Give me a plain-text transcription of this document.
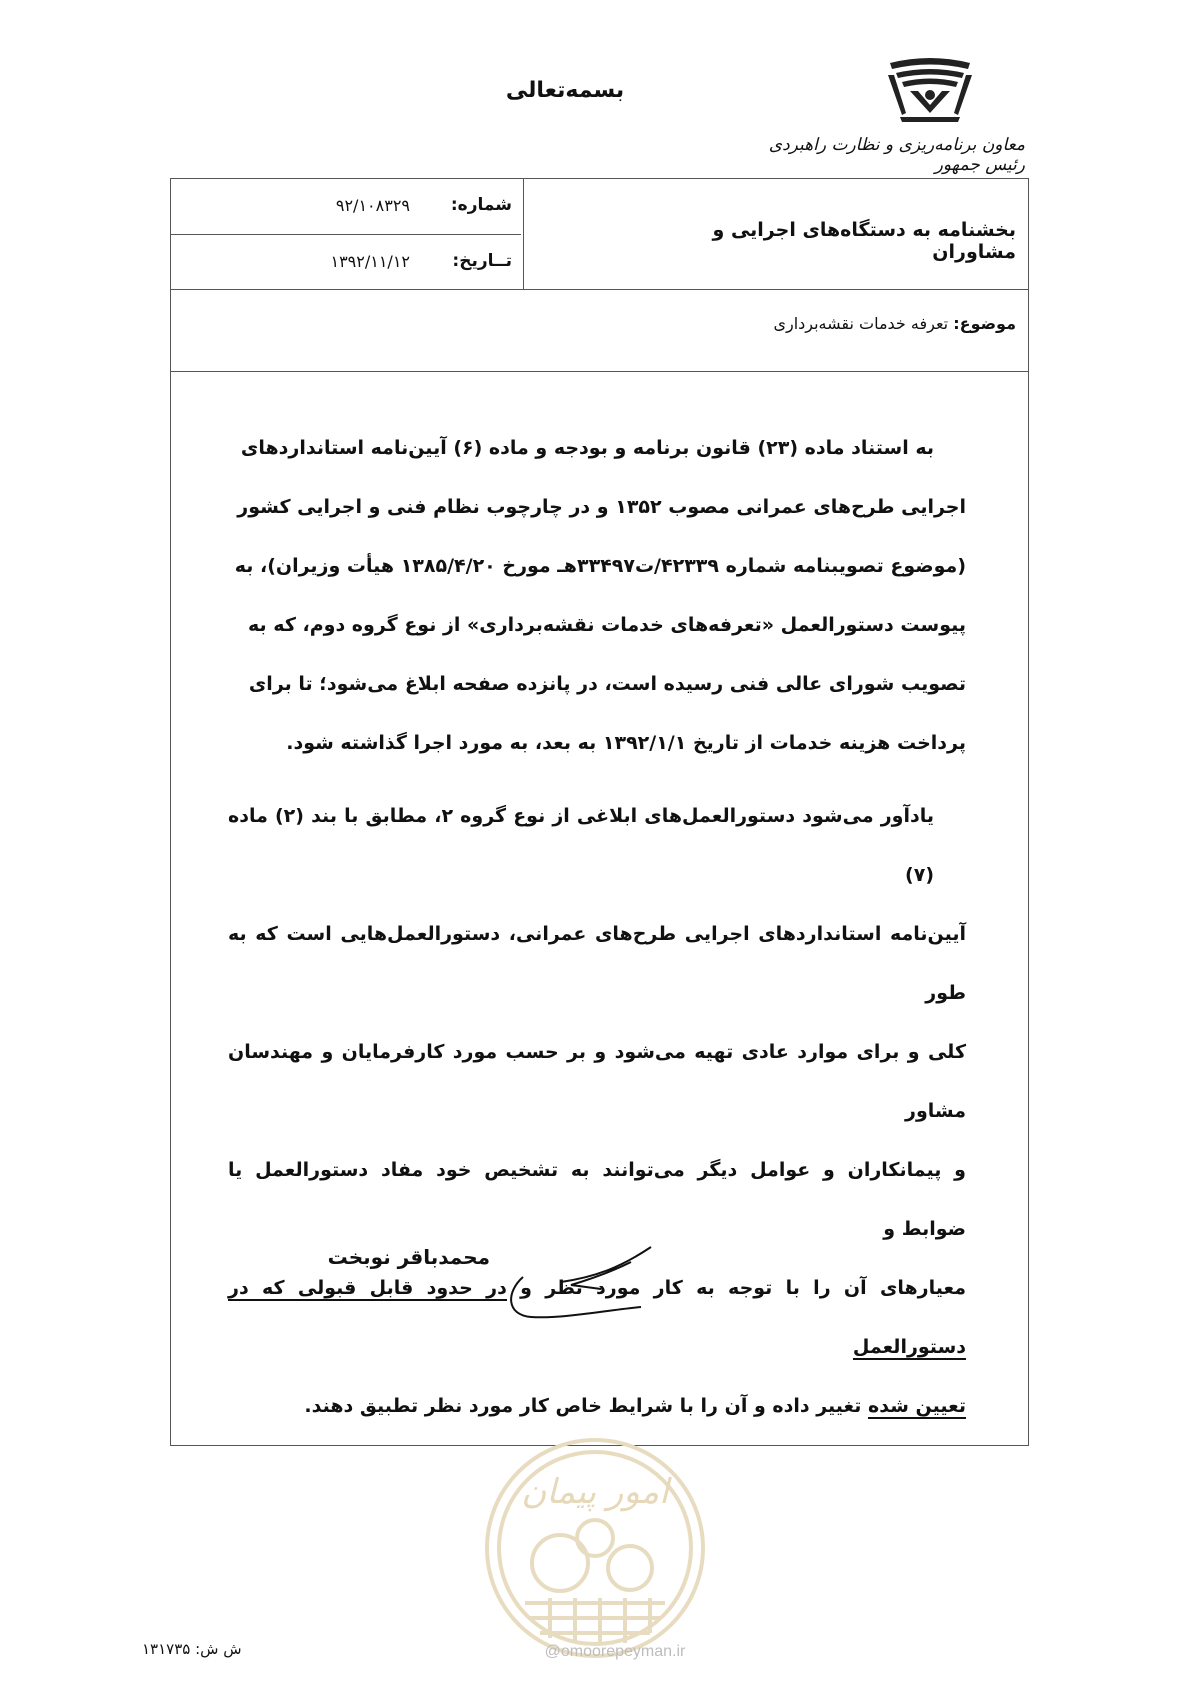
بسمه‌تعالی
معاون برنامه‌ریزی و نظارت راهبردی رئیس جمهور
بخشنامه به دستگاه‌های اجرایی و مشاوران
شماره:
۹۲/۱۰۸۳۲۹
تــاریخ:
۱۳۹۲/۱۱/۱۲
موضوع: تعرفه خدمات نقشه‌برداری
به استناد ماده (۲۳) قانون برنامه و بودجه و ماده (۶) آیین‌نامه استانداردهای
اجرایی طرح‌های عمرانی مصوب ۱۳۵۲ و در چارچوب نظام فنی و اجرایی کشور
(موضوع تصویبنامه شماره ۴۲۳۳۹/ت۳۳۴۹۷هـ مورخ ۱۳۸۵/۴/۲۰ هیأت وزیران)، به
پیوست دستورالعمل «تعرفه‌های خدمات نقشه‌برداری» از نوع گروه دوم، که به
تصویب شورای عالی فنی رسیده است، در پانزده صفحه ابلاغ می‌شود؛ تا برای
پرداخت هزینه خدمات از تاریخ ۱۳۹۲/۱/۱ به بعد، به مورد اجرا گذاشته شود.
یادآور می‌شود دستورالعمل‌های ابلاغی از نوع گروه ۲، مطابق با بند (۲) ماده (۷)
آیین‌نامه استانداردهای اجرایی طرح‌های عمرانی، دستورالعمل‌هایی است که به طور
کلی و برای موارد عادی تهیه می‌شود و بر حسب مورد کارفرمایان و مهندسان مشاور
و پیمانکاران و عوامل دیگر می‌توانند به تشخیص خود مفاد دستورالعمل یا ضوابط و
معیارهای آن را با توجه به کار مورد نظر و در حدود قابل قبولی که در دستورالعمل
تعیین شده تغییر داده و آن را با شرایط خاص کار مورد نظر تطبیق دهند.
محمدباقر نوبخت
امور پیمان
ش ش: ۱۳۱۷۳۵	@omoorepeyman.ir
